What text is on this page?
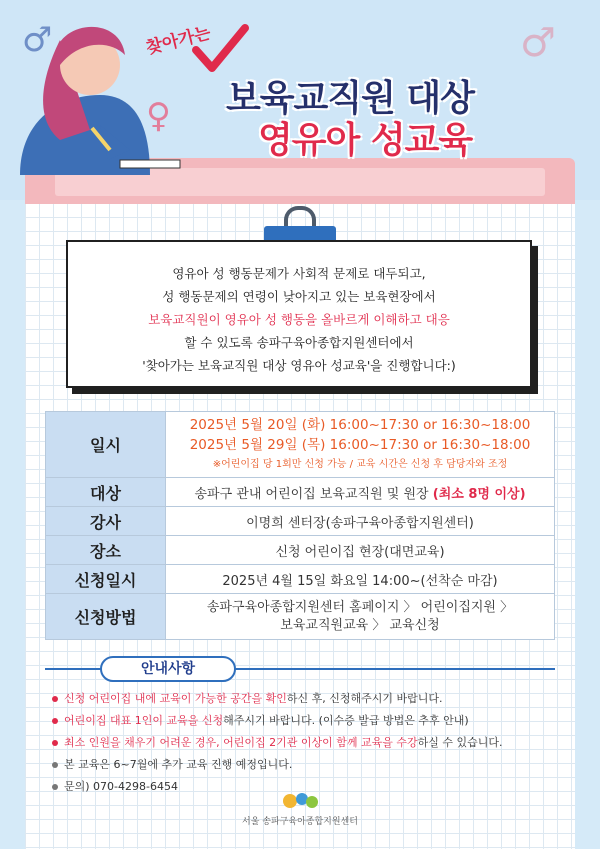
♂
♀
♂
찾아가는
보육교직원 대상
영유아 성교육
영유아 성 행동문제가 사회적 문제로 대두되고,
성 행동문제의 연령이 낮아지고 있는 보육현장에서
보육교직원이 영유아 성 행동을 올바르게 이해하고 대응
할 수 있도록 송파구육아종합지원센터에서
'찾아가는 보육교직원 대상 영유아 성교육'을 진행합니다:)
일시	2025년 5월 20일 (화) 16:00~17:30 or 16:30~18:00
2025년 5월 29일 (목) 16:00~17:30 or 16:30~18:00
※어린이집 당 1회만 신청 가능 / 교육 시간은 신청 후 담당자와 조정

대상	송파구 관내 어린이집 보육교직원 및 원장 (최소 8명 이상)
강사	이명희 센터장(송파구육아종합지원센터)
장소	신청 어린이집 현장(대면교육)
신청일시	2025년 4월 15일 화요일 14:00~(선착순 마감)
신청방법	송파구육아종합지원센터 홈페이지 〉 어린이집지원 〉
보육교직원교육 〉 교육신청
안내사항
신청 어린이집 내에 교육이 가능한 공간을 확인하신 후, 신청해주시기 바랍니다.
어린이집 대표 1인이 교육을 신청해주시기 바랍니다. (이수증 발급 방법은 추후 안내)
최소 인원을 채우기 어려운 경우, 어린이집 2기관 이상이 함께 교육을 수강하실 수 있습니다.
본 교육은 6~7월에 추가 교육 진행 예정입니다.
문의) 070-4298-6454
서울 송파구육아종합지원센터
